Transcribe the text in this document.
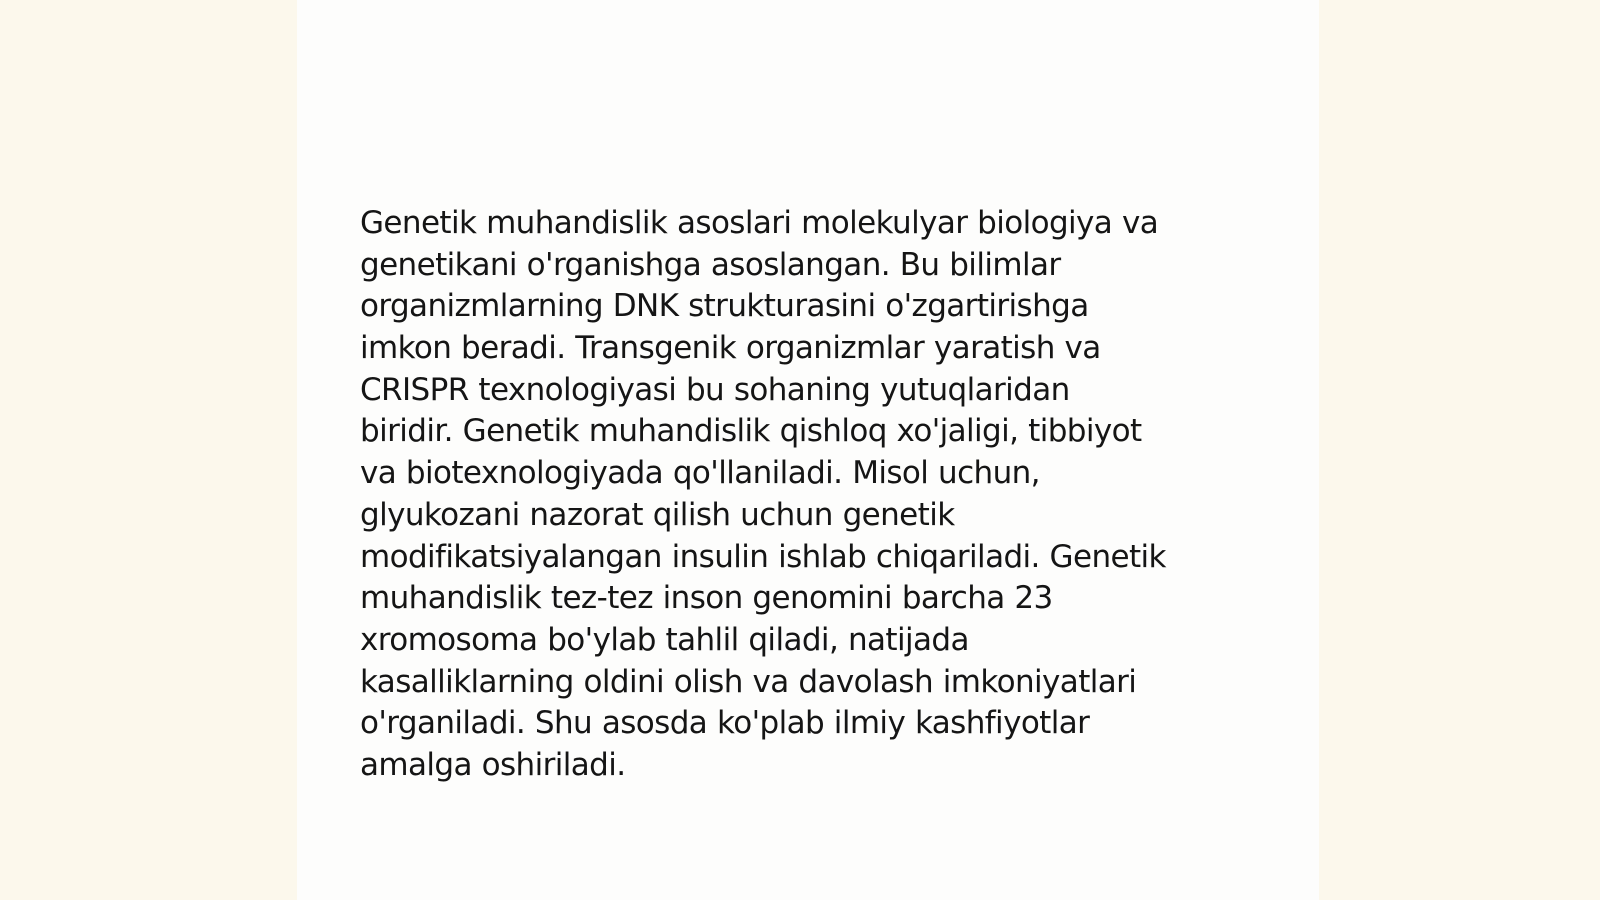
Genetik muhandislik asoslari molekulyar biologiya va
genetikani o'rganishga asoslangan. Bu bilimlar
organizmlarning DNK strukturasini o'zgartirishga
imkon beradi. Transgenik organizmlar yaratish va
CRISPR texnologiyasi bu sohaning yutuqlaridan
biridir. Genetik muhandislik qishloq xo'jaligi, tibbiyot
va biotexnologiyada qo'llaniladi. Misol uchun,
glyukozani nazorat qilish uchun genetik
modifikatsiyalangan insulin ishlab chiqariladi. Genetik
muhandislik tez-tez inson genomini barcha 23
xromosoma bo'ylab tahlil qiladi, natijada
kasalliklarning oldini olish va davolash imkoniyatlari
o'rganiladi. Shu asosda ko'plab ilmiy kashfiyotlar
amalga oshiriladi.
